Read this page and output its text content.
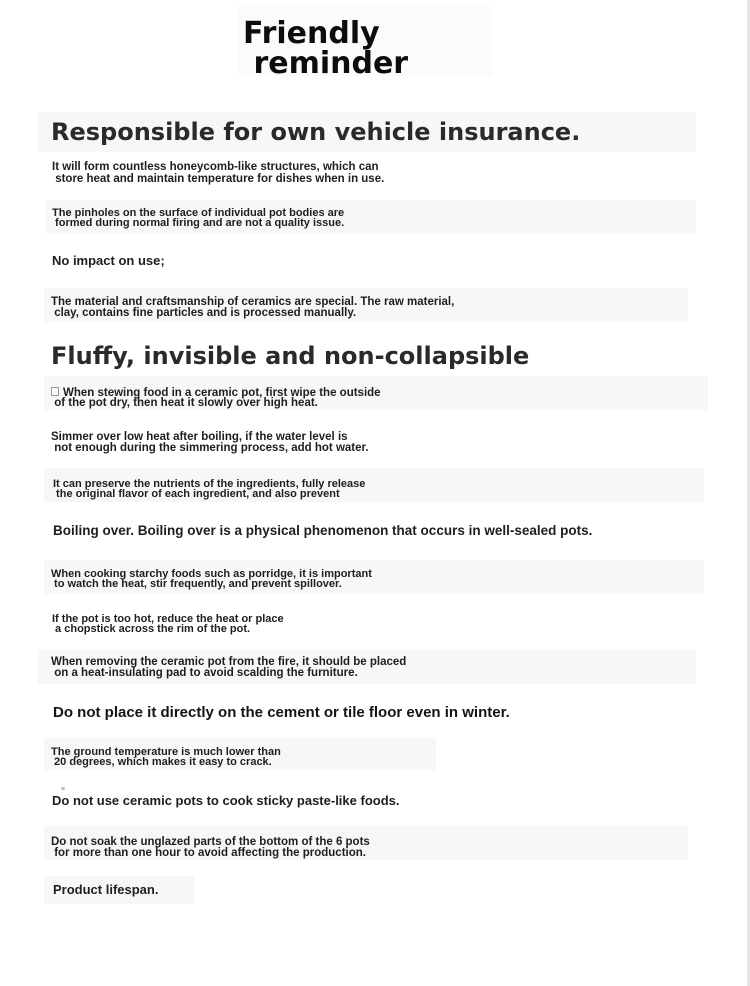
Friendly
reminder
Responsible for own vehicle insurance.
It will form countless honeycomb-like structures, which can
store heat and maintain temperature for dishes when in use.
The pinholes on the surface of individual pot bodies are
formed during normal firing and are not a quality issue.
No impact on use;
The material and craftsmanship of ceramics are special. The raw material,
clay, contains fine particles and is processed manually.
Fluffy, invisible and non-collapsible
When stewing food in a ceramic pot, first wipe the outside
of the pot dry, then heat it slowly over high heat.
Simmer over low heat after boiling, if the water level is
not enough during the simmering process, add hot water.
It can preserve the nutrients of the ingredients, fully release
the original flavor of each ingredient, and also prevent
Boiling over. Boiling over is a physical phenomenon that occurs in well-sealed pots.
When cooking starchy foods such as porridge, it is important
to watch the heat, stir frequently, and prevent spillover.
If the pot is too hot, reduce the heat or place
a chopstick across the rim of the pot.
When removing the ceramic pot from the fire, it should be placed
on a heat-insulating pad to avoid scalding the furniture.
Do not place it directly on the cement or tile floor even in winter.
The ground temperature is much lower than
20 degrees, which makes it easy to crack.
Do not use ceramic pots to cook sticky paste-like foods.
Do not soak the unglazed parts of the bottom of the 6 pots
for more than one hour to avoid affecting the production.
Product lifespan.
